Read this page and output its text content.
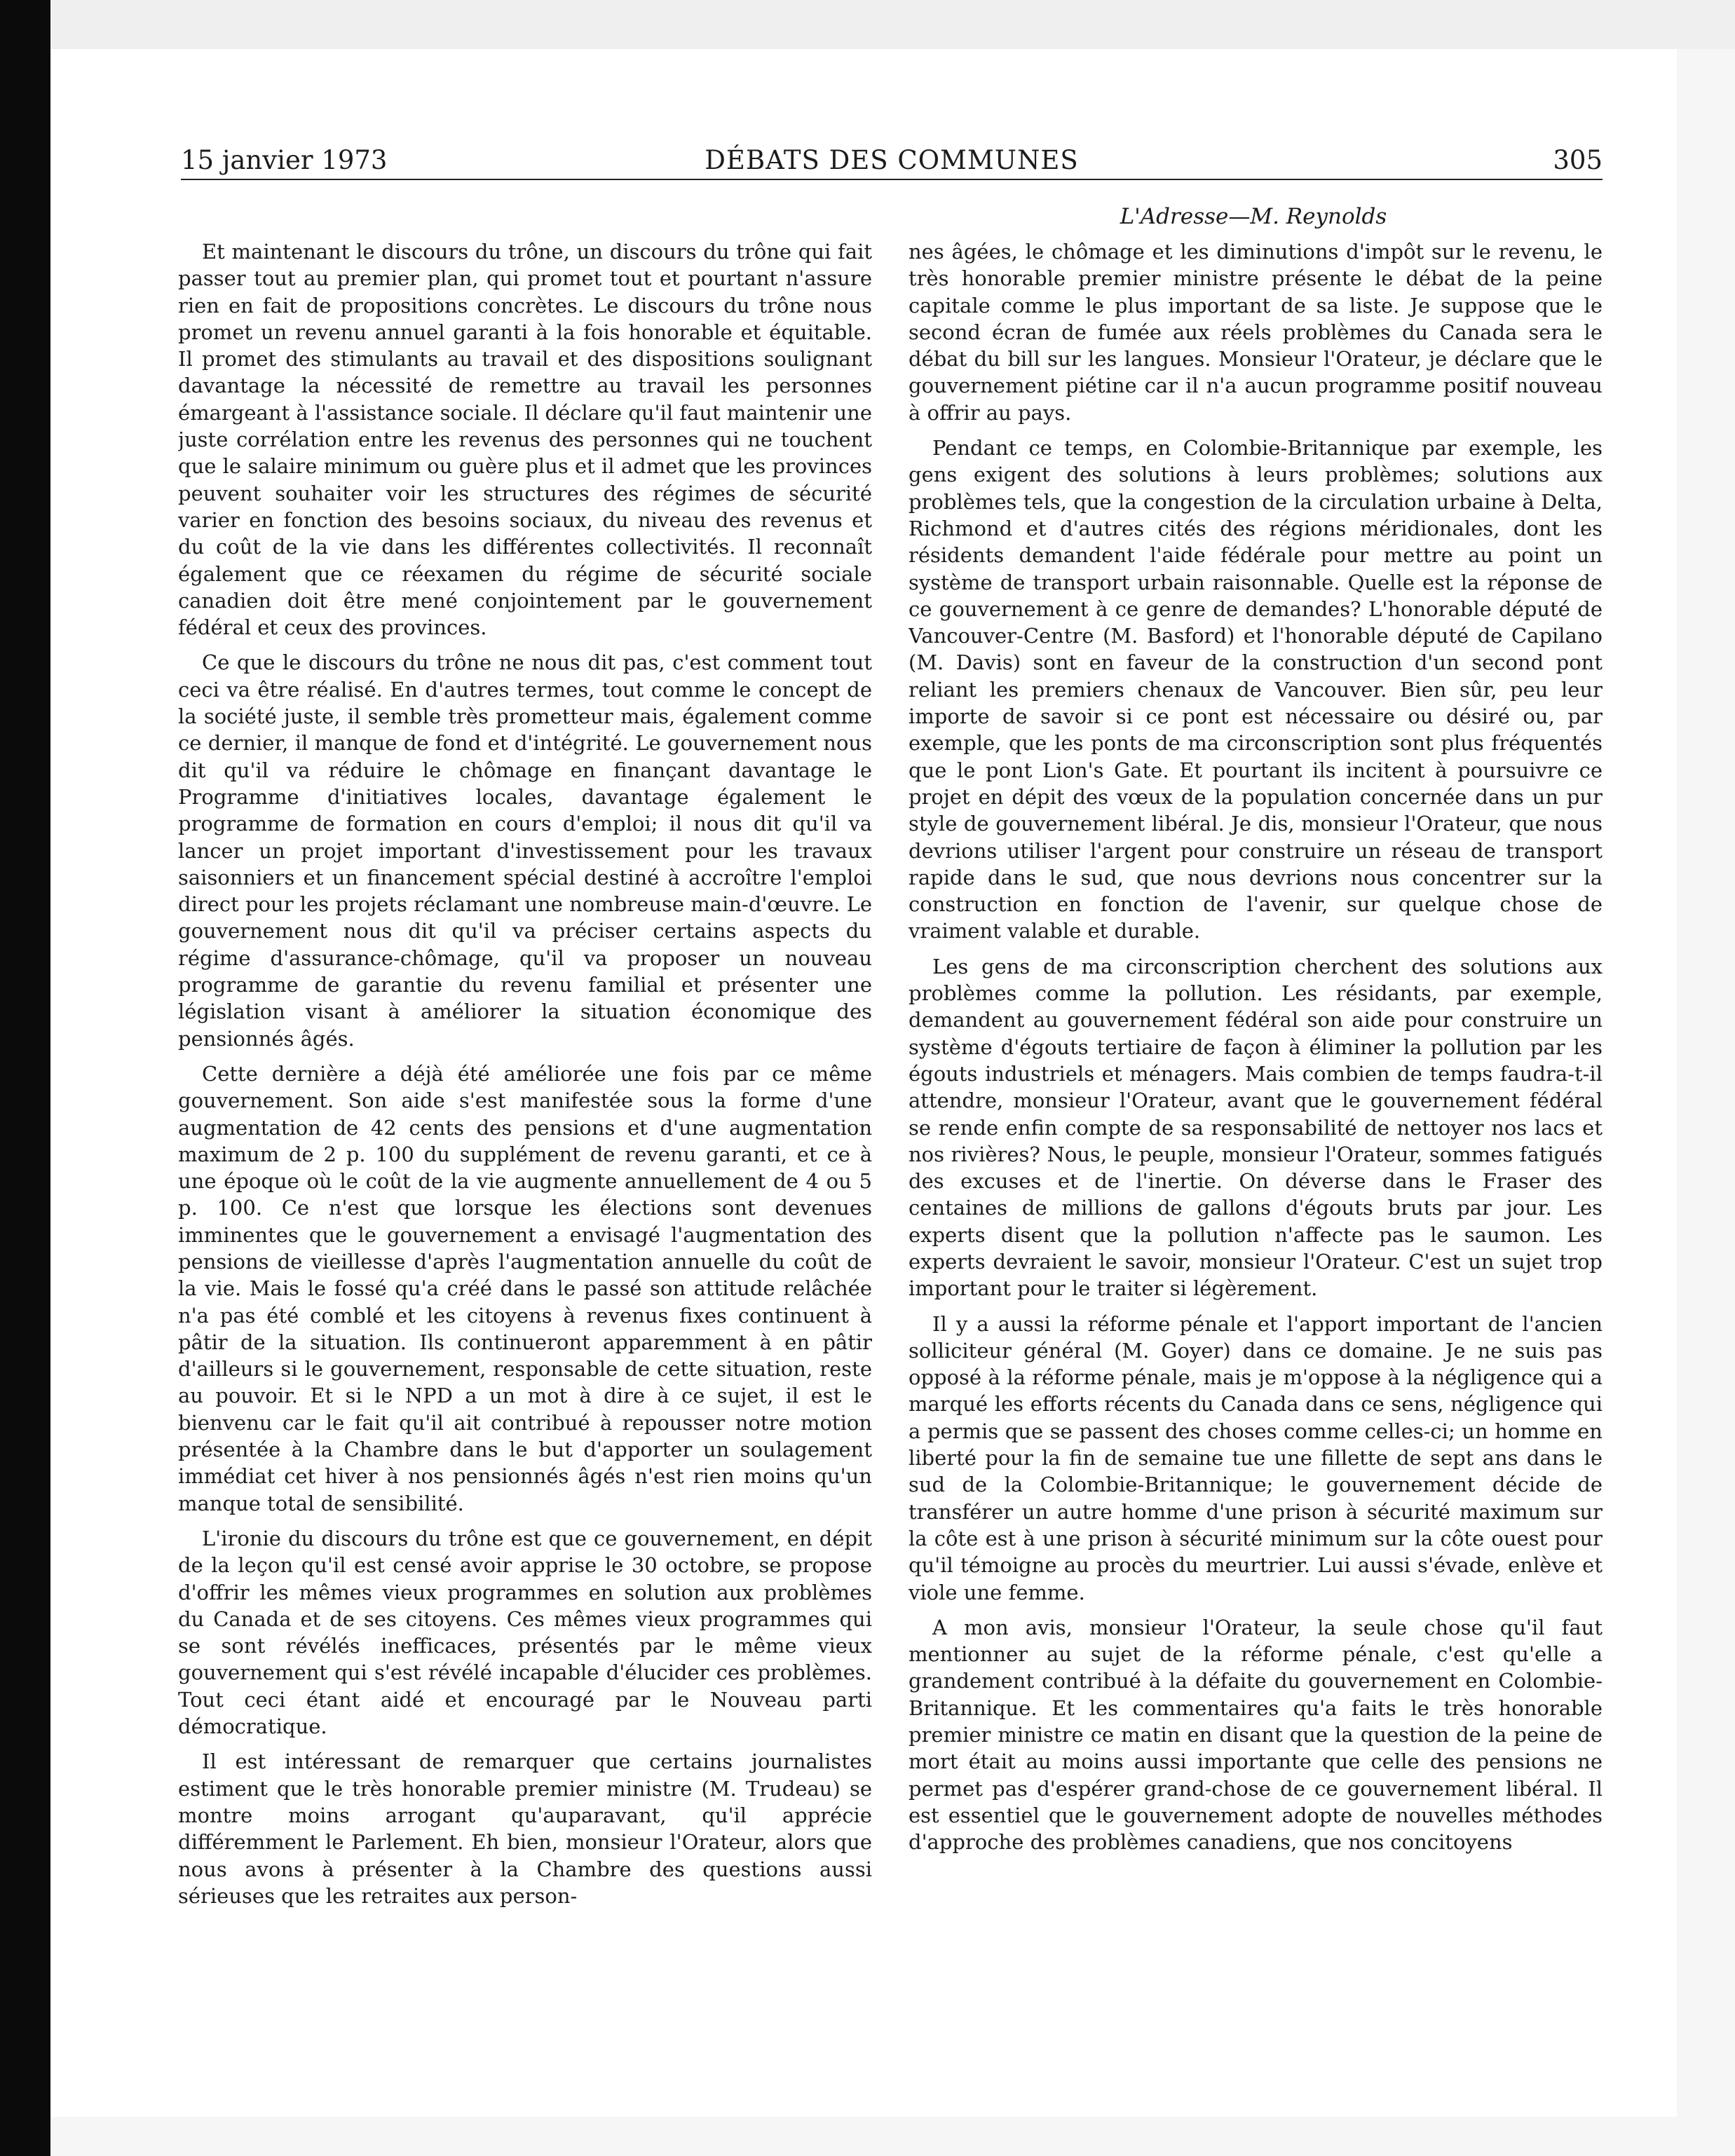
15 janvier 1973	DÉBATS DES COMMUNES	305
L'Adresse—M. Reynolds

Et maintenant le discours du trône, un discours du trône qui fait passer tout au premier plan, qui promet tout et pourtant n'assure rien en fait de propositions concrètes. Le discours du trône nous promet un revenu annuel garanti à la fois honorable et équitable. Il promet des stimulants au travail et des dispositions soulignant davantage la nécessité de remettre au travail les personnes émargeant à l'assistance sociale. Il déclare qu'il faut maintenir une juste corrélation entre les revenus des personnes qui ne touchent que le salaire minimum ou guère plus et il admet que les provinces peuvent souhaiter voir les structures des régimes de sécurité varier en fonction des besoins sociaux, du niveau des revenus et du coût de la vie dans les différentes collectivités. Il reconnaît également que ce réexamen du régime de sécurité sociale canadien doit être mené conjointement par le gouvernement fédéral et ceux des provinces.

Ce que le discours du trône ne nous dit pas, c'est comment tout ceci va être réalisé. En d'autres termes, tout comme le concept de la société juste, il semble très prometteur mais, également comme ce dernier, il manque de fond et d'intégrité. Le gouvernement nous dit qu'il va réduire le chômage en finançant davantage le Programme d'initiatives locales, davantage également le programme de formation en cours d'emploi; il nous dit qu'il va lancer un projet important d'investissement pour les travaux saisonniers et un financement spécial destiné à accroître l'emploi direct pour les projets réclamant une nombreuse main-d'œuvre. Le gouvernement nous dit qu'il va préciser certains aspects du régime d'assurance-chômage, qu'il va proposer un nouveau programme de garantie du revenu familial et présenter une législation visant à améliorer la situation économique des pensionnés âgés.

Cette dernière a déjà été améliorée une fois par ce même gouvernement. Son aide s'est manifestée sous la forme d'une augmentation de 42 cents des pensions et d'une augmentation maximum de 2 p. 100 du supplément de revenu garanti, et ce à une époque où le coût de la vie augmente annuellement de 4 ou 5 p. 100. Ce n'est que lorsque les élections sont devenues imminentes que le gouvernement a envisagé l'augmentation des pensions de vieillesse d'après l'augmentation annuelle du coût de la vie. Mais le fossé qu'a créé dans le passé son attitude relâchée n'a pas été comblé et les citoyens à revenus fixes continuent à pâtir de la situation. Ils continueront apparemment à en pâtir d'ailleurs si le gouvernement, responsable de cette situation, reste au pouvoir. Et si le NPD a un mot à dire à ce sujet, il est le bienvenu car le fait qu'il ait contribué à repousser notre motion présentée à la Chambre dans le but d'apporter un soulagement immédiat cet hiver à nos pensionnés âgés n'est rien moins qu'un manque total de sensibilité.

L'ironie du discours du trône est que ce gouvernement, en dépit de la leçon qu'il est censé avoir apprise le 30 octobre, se propose d'offrir les mêmes vieux programmes en solution aux problèmes du Canada et de ses citoyens. Ces mêmes vieux programmes qui se sont révélés inefficaces, présentés par le même vieux gouvernement qui s'est révélé incapable d'élucider ces problèmes. Tout ceci étant aidé et encouragé par le Nouveau parti démocratique.

Il est intéressant de remarquer que certains journalistes estiment que le très honorable premier ministre (M. Trudeau) se montre moins arrogant qu'auparavant, qu'il apprécie différemment le Parlement. Eh bien, monsieur l'Orateur, alors que nous avons à présenter à la Chambre des questions aussi sérieuses que les retraites aux person-

nes âgées, le chômage et les diminutions d'impôt sur le revenu, le très honorable premier ministre présente le débat de la peine capitale comme le plus important de sa liste. Je suppose que le second écran de fumée aux réels problèmes du Canada sera le débat du bill sur les langues. Monsieur l'Orateur, je déclare que le gouvernement piétine car il n'a aucun programme positif nouveau à offrir au pays.

Pendant ce temps, en Colombie-Britannique par exemple, les gens exigent des solutions à leurs problèmes; solutions aux problèmes tels, que la congestion de la circulation urbaine à Delta, Richmond et d'autres cités des régions méridionales, dont les résidents demandent l'aide fédérale pour mettre au point un système de transport urbain raisonnable. Quelle est la réponse de ce gouvernement à ce genre de demandes? L'honorable député de Vancouver-Centre (M. Basford) et l'honorable député de Capilano (M. Davis) sont en faveur de la construction d'un second pont reliant les premiers chenaux de Vancouver. Bien sûr, peu leur importe de savoir si ce pont est nécessaire ou désiré ou, par exemple, que les ponts de ma circonscription sont plus fréquentés que le pont Lion's Gate. Et pourtant ils incitent à poursuivre ce projet en dépit des vœux de la population concernée dans un pur style de gouvernement libéral. Je dis, monsieur l'Orateur, que nous devrions utiliser l'argent pour construire un réseau de transport rapide dans le sud, que nous devrions nous concentrer sur la construction en fonction de l'avenir, sur quelque chose de vraiment valable et durable.

Les gens de ma circonscription cherchent des solutions aux problèmes comme la pollution. Les résidants, par exemple, demandent au gouvernement fédéral son aide pour construire un système d'égouts tertiaire de façon à éliminer la pollution par les égouts industriels et ménagers. Mais combien de temps faudra-t-il attendre, monsieur l'Orateur, avant que le gouvernement fédéral se rende enfin compte de sa responsabilité de nettoyer nos lacs et nos rivières? Nous, le peuple, monsieur l'Orateur, sommes fatigués des excuses et de l'inertie. On déverse dans le Fraser des centaines de millions de gallons d'égouts bruts par jour. Les experts disent que la pollution n'affecte pas le saumon. Les experts devraient le savoir, monsieur l'Orateur. C'est un sujet trop important pour le traiter si légèrement.

Il y a aussi la réforme pénale et l'apport important de l'ancien solliciteur général (M. Goyer) dans ce domaine. Je ne suis pas opposé à la réforme pénale, mais je m'oppose à la négligence qui a marqué les efforts récents du Canada dans ce sens, négligence qui a permis que se passent des choses comme celles-ci; un homme en liberté pour la fin de semaine tue une fillette de sept ans dans le sud de la Colombie-Britannique; le gouvernement décide de transférer un autre homme d'une prison à sécurité maximum sur la côte est à une prison à sécurité minimum sur la côte ouest pour qu'il témoigne au procès du meurtrier. Lui aussi s'évade, enlève et viole une femme.

A mon avis, monsieur l'Orateur, la seule chose qu'il faut mentionner au sujet de la réforme pénale, c'est qu'elle a grandement contribué à la défaite du gouvernement en Colombie-Britannique. Et les commentaires qu'a faits le très honorable premier ministre ce matin en disant que la question de la peine de mort était au moins aussi importante que celle des pensions ne permet pas d'espérer grand-chose de ce gouvernement libéral. Il est essentiel que le gouvernement adopte de nouvelles méthodes d'approche des problèmes canadiens, que nos concitoyens
